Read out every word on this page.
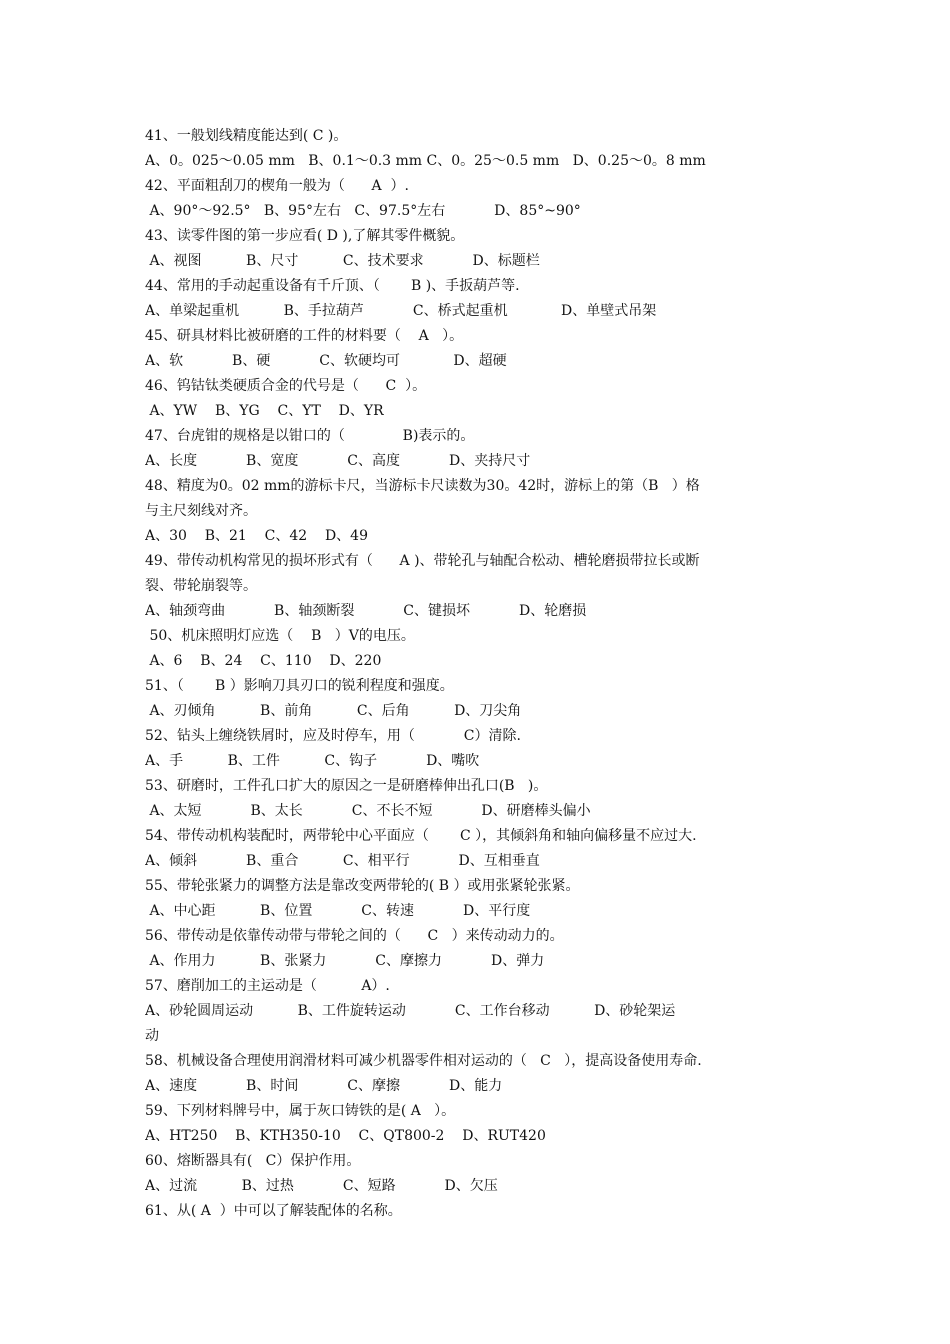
41、一般划线精度能达到( C )。
A、0。025～0.05 mm   B、0.1～0.3 mm C、0。25～0.5 mm   D、0.25～0。8 mm
42、平面粗刮刀的楔角一般为（      A  ）.
A、90°～92.5°   B、95°左右   C、97.5°左右           D、85°~90°
43、读零件图的第一步应看( D ),了解其零件概貌。
A、视图          B、尺寸          C、技术要求           D、标题栏
44、常用的手动起重设备有千斤顶、（       B )、手扳葫芦等.
A、单梁起重机          B、手拉葫芦           C、桥式起重机            D、单壁式吊架
45、研具材料比被研磨的工件的材料要（    A   ）。
A、软           B、硬           C、软硬均可            D、超硬
46、钨钴钛类硬质合金的代号是（      C  ）。
A、YW    B、YG    C、YT    D、YR
47、台虎钳的规格是以钳口的（             B)表示的。
A、长度           B、宽度           C、高度           D、夹持尺寸
48、精度为0。02 mm的游标卡尺，当游标卡尺读数为30。42时，游标上的第（B   ）格
与主尺刻线对齐。
A、30    B、21    C、42    D、49
49、带传动机构常见的损坏形式有（      A )、带轮孔与轴配合松动、槽轮磨损带拉长或断
裂、带轮崩裂等。
A、轴颈弯曲           B、轴颈断裂           C、键损坏           D、轮磨损
50、机床照明灯应选（    B   ）V的电压。
A、6    B、24    C、110    D、220
51、（       B ）影响刀具刃口的锐利程度和强度。
A、刃倾角          B、前角          C、后角          D、刀尖角
52、钻头上缠绕铁屑时，应及时停车，用（           C）清除.
A、手          B、工件          C、钩子           D、嘴吹
53、研磨时，工件孔口扩大的原因之一是研磨棒伸出孔口(B   )。
A、太短           B、太长           C、不长不短           D、研磨棒头偏小
54、带传动机构装配时，两带轮中心平面应（       C ），其倾斜角和轴向偏移量不应过大.
A、倾斜           B、重合          C、相平行           D、互相垂直
55、带轮张紧力的调整方法是靠改变两带轮的( B ）或用张紧轮张紧。
A、中心距          B、位置           C、转速           D、平行度
56、带传动是依靠传动带与带轮之间的（      C   ）来传动动力的。
A、作用力          B、张紧力           C、摩擦力           D、弹力
57、磨削加工的主运动是（          A）.
A、砂轮圆周运动          B、工件旋转运动           C、工作台移动          D、砂轮架运
动
58、机械设备合理使用润滑材料可减少机器零件相对运动的（   C   ），提高设备使用寿命.
A、速度           B、时间           C、摩擦           D、能力
59、下列材料牌号中，属于灰口铸铁的是( A   ）。
A、HT250    B、KTH350-10    C、QT800-2    D、RUT420
60、熔断器具有(   C）保护作用。
A、过流          B、过热           C、短路           D、欠压
61、从( A  ）中可以了解装配体的名称。
